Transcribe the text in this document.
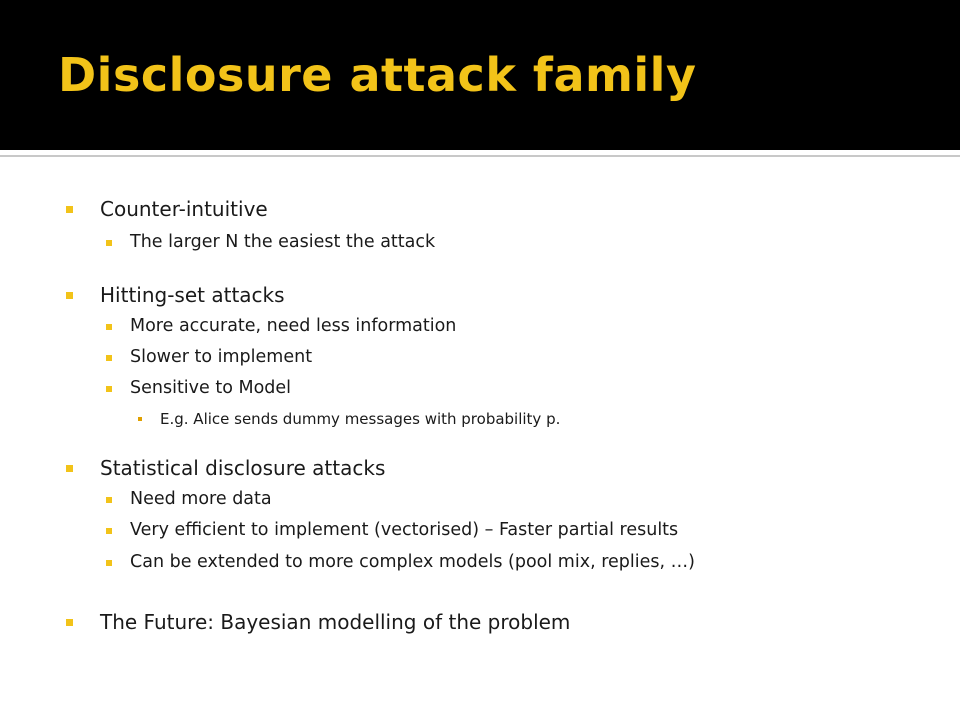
Disclosure attack family
Counter-intuitive
The larger N the easiest the attack
Hitting-set attacks
More accurate, need less information
Slower to implement
Sensitive to Model
E.g. Alice sends dummy messages with probability p.
Statistical disclosure attacks
Need more data
Very efficient to implement (vectorised) – Faster partial results
Can be extended to more complex models (pool mix, replies, …)
The Future: Bayesian modelling of the problem
